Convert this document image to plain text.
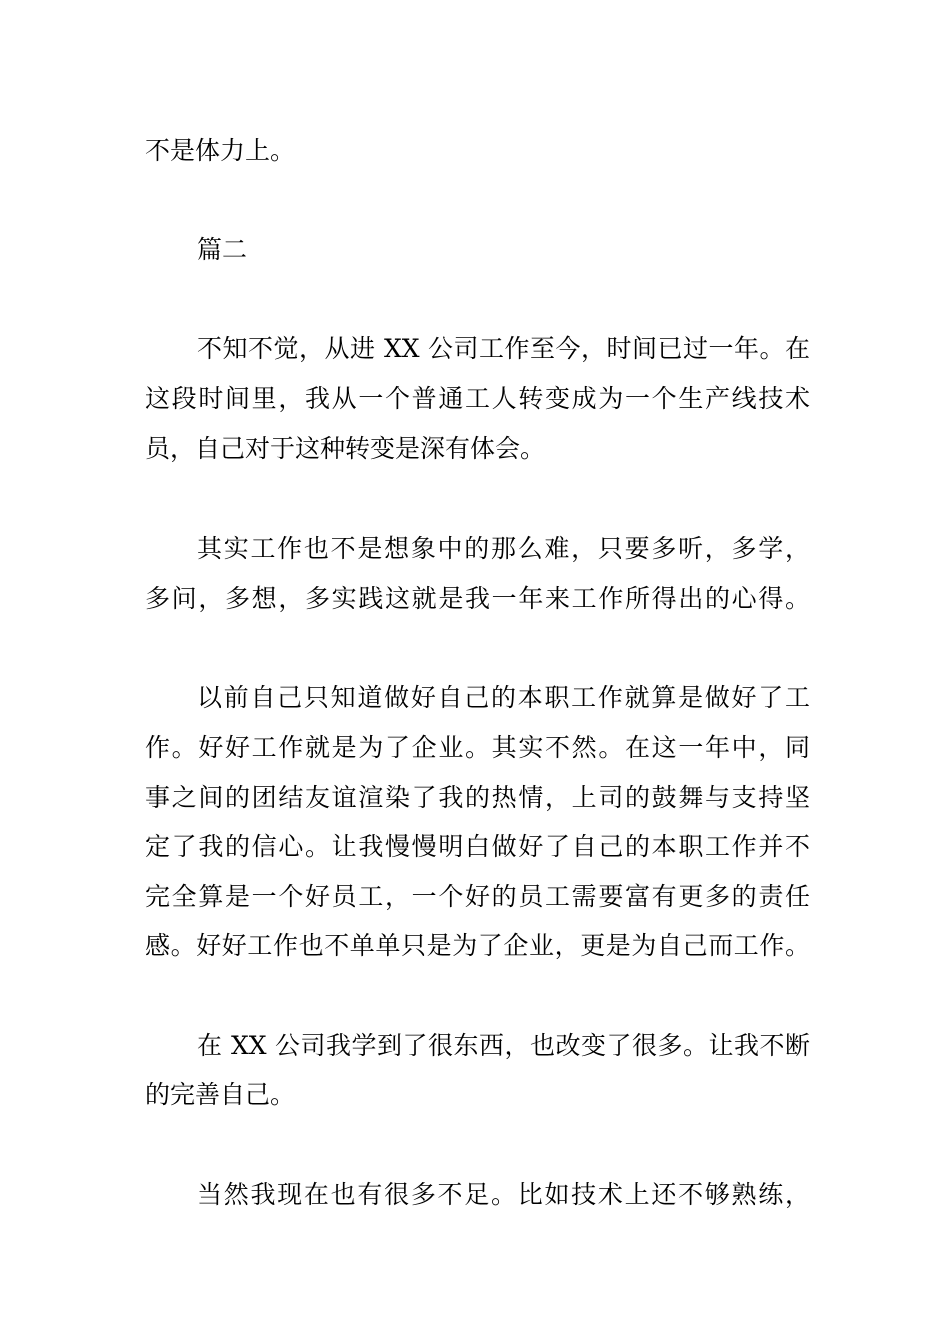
不是体力上。
篇二
不知不觉，从进 XX 公司工作至今，时间已过一年。在
这段时间里，我从一个普通工人转变成为一个生产线技术
员，自己对于这种转变是深有体会。
其实工作也不是想象中的那么难，只要多听，多学，
多问，多想，多实践这就是我一年来工作所得出的心得。
以前自己只知道做好自己的本职工作就算是做好了工
作。好好工作就是为了企业。其实不然。在这一年中，同
事之间的团结友谊渲染了我的热情，上司的鼓舞与支持坚
定了我的信心。让我慢慢明白做好了自己的本职工作并不
完全算是一个好员工，一个好的员工需要富有更多的责任
感。好好工作也不单单只是为了企业，更是为自己而工作。
在 XX 公司我学到了很东西，也改变了很多。让我不断
的完善自己。
当然我现在也有很多不足。比如技术上还不够熟练，
